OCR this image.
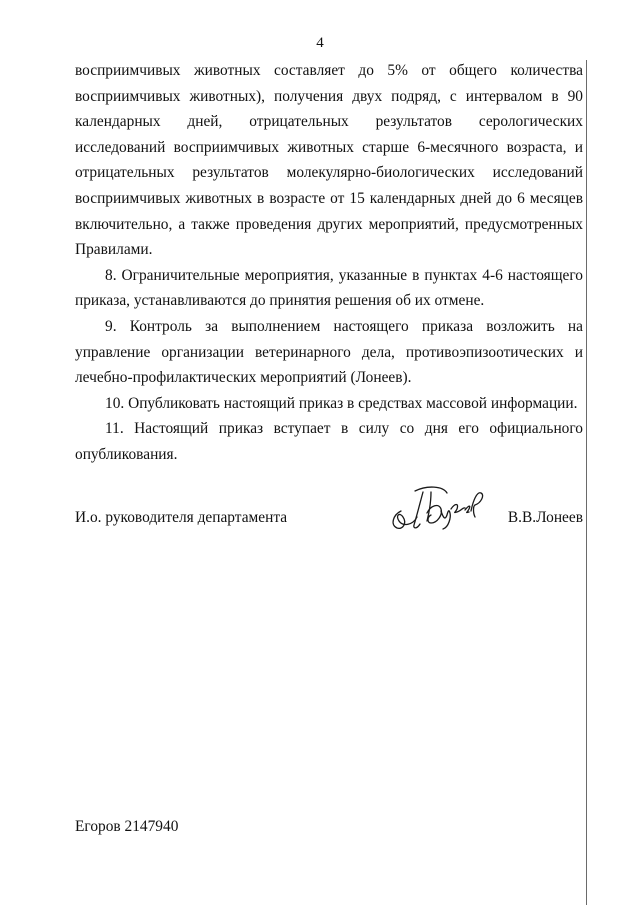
4

восприимчивых животных составляет до 5% от общего количества восприимчивых животных), получения двух подряд, с интервалом в 90 календарных дней, отрицательных результатов серологических исследований восприимчивых животных старше 6-месячного возраста, и отрицательных результатов молекулярно-биологических исследований восприимчивых животных в возрасте от 15 календарных дней до 6 месяцев включительно, а также проведения других мероприятий, предусмотренных Правилами.

8. Ограничительные мероприятия, указанные в пунктах 4-6 настоящего приказа, устанавливаются до принятия решения об их отмене.

9. Контроль за выполнением настоящего приказа возложить на управление организации ветеринарного дела, противоэпизоотических и лечебно-профилактических мероприятий (Лонеев).

10. Опубликовать настоящий приказ в средствах массовой информации.

11. Настоящий приказ вступает в силу со дня его официального опубликования.

И.о. руководителя департамента	В.В.Лонеев
Егоров 2147940
